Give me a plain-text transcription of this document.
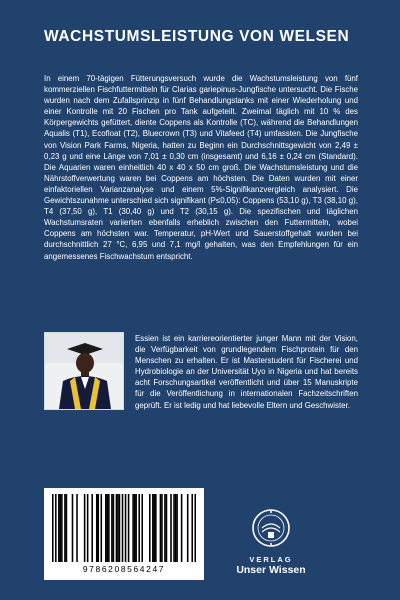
WACHSTUMSLEISTUNG VON WELSEN

In einem 70-tägigen Fütterungsversuch wurde die Wachstumsleistung von fünf kommerziellen Fischfuttermitteln für Clarias gariepinus-Jungfische untersucht. Die Fische wurden nach dem Zufallsprinzip in fünf Behandlungstanks mit einer Wiederholung und einer Kontrolle mit 20 Fischen pro Tank aufgeteilt. Zweimal täglich mit 10 % des Körpergewichts gefüttert, diente Coppens als Kontrolle (TC), während die Behandlungen Aqualis (T1), Ecofloat (T2), Bluecrown (T3) und Vitafeed (T4) umfassten. Die Jungfische von Vision Park Farms, Nigeria, hatten zu Beginn ein Durchschnittsgewicht von 2,49 ± 0,23 g und eine Länge von 7,01 ± 0,30 cm (insgesamt) und 6,16 ± 0,24 cm (Standard). Die Aquarien waren einheitlich 40 x 40 x 50 cm groß. Die Wachstumsleistung und die Nährstoffverwertung waren bei Coppens am höchsten. Die Daten wurden mit einer einfaktoriellen Varianzanalyse und einem 5%-Signifikanzvergleich analysiert. Die Gewichtszunahme unterschied sich signifikant (P≤0,05): Coppens (53,10 g), T3 (38,10 g), T4 (37,50 g), T1 (30,40 g) und T2 (30,15 g). Die spezifischen und täglichen Wachstumsraten variierten ebenfalls erheblich zwischen den Futtermitteln, wobei Coppens am höchsten war. Temperatur, pH-Wert und Sauerstoffgehalt wurden bei durchschnittlich 27 °C, 6,95 und 7,1 mg/l gehalten, was den Empfehlungen für ein angemessenes Fischwachstum entspricht.

Essien ist ein karriereorientierter junger Mann mit der Vision, die Verfügbarkeit von grundlegendem Fischprotein für den Menschen zu erhalten. Er ist Masterstudent für Fischerei und Hydrobiologie an der Universität Uyo in Nigeria und hat bereits acht Forschungsartikel veröffentlicht und über 15 Manuskripte für die Veröffentlichung in internationalen Fachzeitschriften geprüft. Er ist ledig und hat liebevolle Eltern und Geschwister.

9786208564247
VERLAG
Unser Wissen
